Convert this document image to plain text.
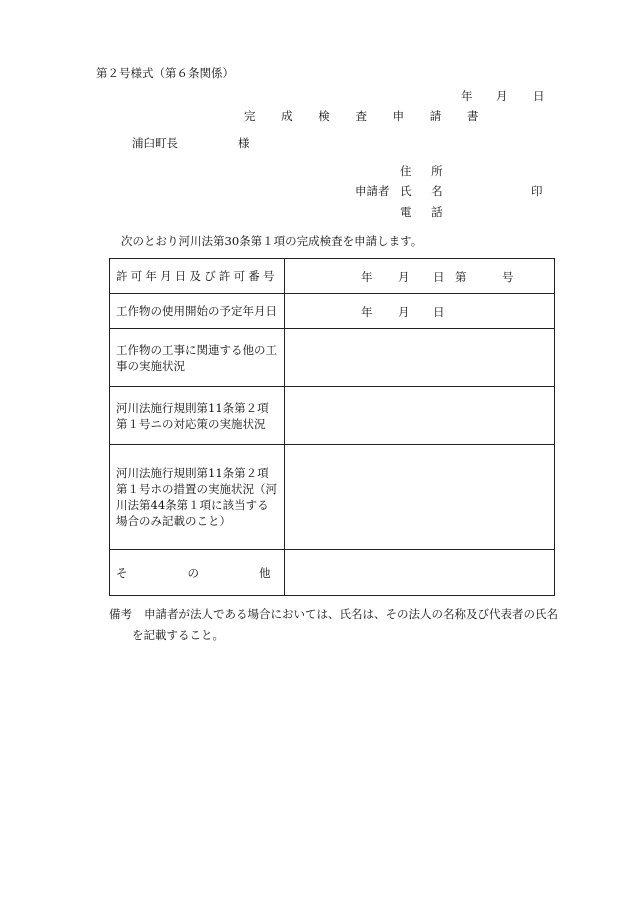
第２号様式（第６条関係）
年 月 日
完 成 検 査 申 請 書
浦臼町長	様
住 所
申請者 氏 名	印
電 話
次のとおり河川法第30条第１項の完成検査を申請します。
許可年月日及び許可番号	年 月 日 第 号

工作物の使用開始の予定年月日	年 月 日

工作物の工事に関連する他の工事の実施状況	
河川法施行規則第11条第２項第１号ニの対応策の実施状況	
河川法施行規則第11条第２項第１号ホの措置の実施状況（河川法第44条第１項に該当する場合のみ記載のこと）	
その他	
備考 申請者が法人である場合においては、氏名は、その法人の名称及び代表者の氏名
を記載すること。
